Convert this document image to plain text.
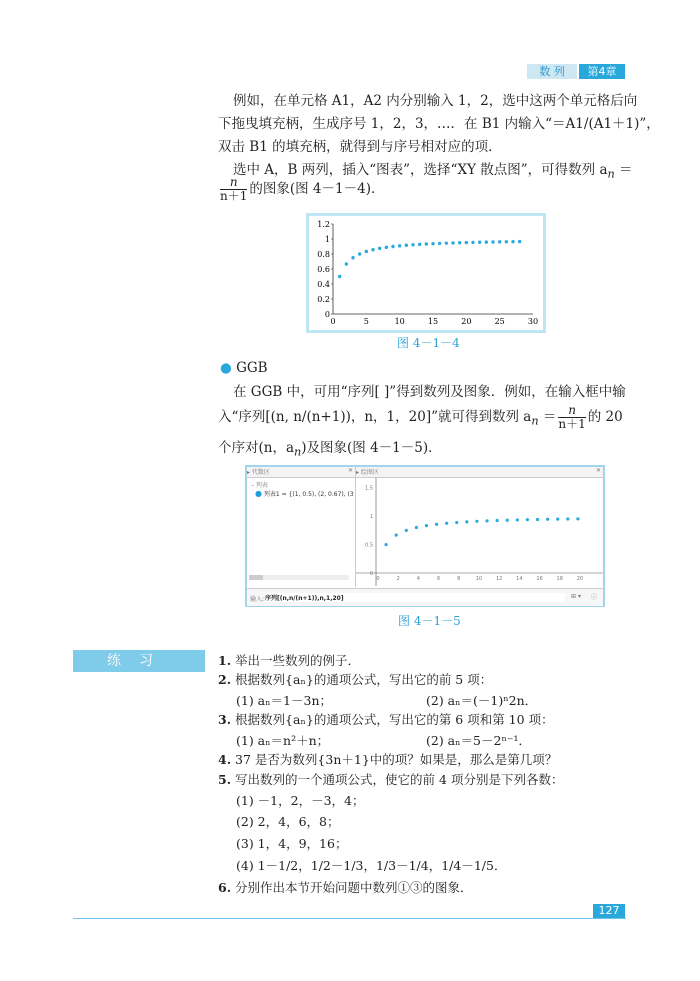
数 列	第4章
例如，在单元格 A1，A2 内分别输入 1，2，选中这两个单元格后向
下拖曳填充柄，生成序号 1，2，3，…．在 B1 内输入“＝A1/(A1＋1)”，
双击 B1 的填充柄，就得到与序号相对应的项．
选中 A，B 两列，插入“图表”，选择“XY 散点图”，可得数列 $a_n$ ＝
$\frac{n}{n+1}$ 的图象(图 4－1－4)．
1.2
1
0.8
0.6
0.4
0.2
0
0	5	10	15	20	25	30
图 4－1－4
● GGB
在 GGB 中，可用“序列[ ]”得到数列及图象．例如，在输入框中输
入“序列[(n, n/(n+1))，n，1，20]”就可得到数列 $a_n = \frac{n}{n+1}$ 的 20
个序对(n，$a_n$)及图象(图 4－1－5)．
▸ 代数区	✕
– 列表
● 列表1 = {(1, 0.5), (2, 0.67), (3
▸ 绘图区	✕
1.5
1
0.5
0
0	2	4	6	8	10	12	14	16	18	20
输入: 序列[(n,n/(n+1)),n,1,20]	⊞ ▾ ⓘ
图 4－1－5
练习	1. 举出一些数列的例子．
2. 根据数列{aₙ}的通项公式，写出它的前 5 项：
(1) aₙ＝1－3n；	(2) aₙ＝(－1)ⁿ2n．
3. 根据数列{aₙ}的通项公式，写出它的第 6 项和第 10 项：
(1) aₙ＝n²＋n；	(2) aₙ＝5－2ⁿ⁻¹．
4. 37 是否为数列{3n＋1}中的项？如果是，那么是第几项？
5. 写出数列的一个通项公式，使它的前 4 项分别是下列各数：
(1) －1，2，－3，4；
(2) 2，4，6，8；
(3) 1，4，9，16；
(4) 1－1/2，1/2－1/3，1/3－1/4，1/4－1/5．
6. 分别作出本节开始问题中数列①③的图象．
127
